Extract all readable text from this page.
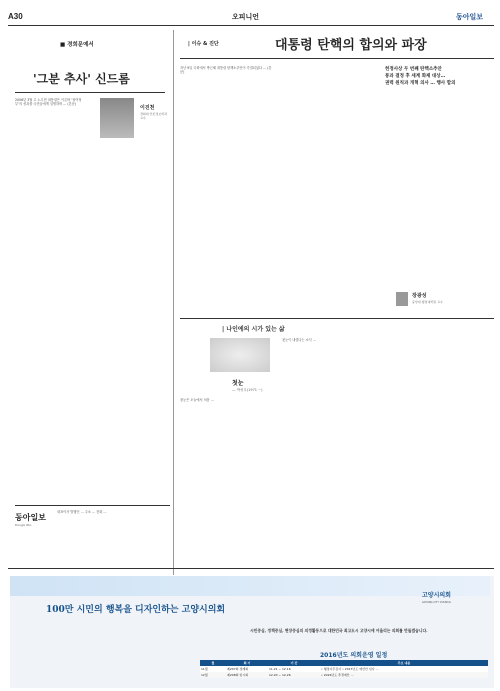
A30	오피니언	동아일보
■ 경희문예서
'그분 추사' 신드롬
2006년 3월 고 노무현 대통령은 이른바 ‘참여정부’의 성과를 국민들에게 설명하며 … (본문)
이진천
경희대 언론정보학과 교수
동아일보
DongA Ilbo
대표이사 발행인 … 주소 … 전화 …
| 이슈 & 진단	대통령 탄핵의 합의와 파장
지난 9일 국회에서 박근혜 대통령 탄핵소추안이 가결되었다 … (본문)
헌정사상 두 번째 탄핵소추안
통과 결정 후 세계 화제 대상…
권력 원칙과 개혁 의사 … 행사 합의
장광성
중앙대 행정대학원 교수
| 나인에의 시가 있는 삶
첫눈
— 박성우(1971 ~)
첫눈은 오늘에서 처음 …
첫눈이 내렸다는 소식 …
100만 시민의 행복을 디자인하는 고양시의회
고양시의회
GOYANG CITY COUNCIL
시민중심, 정책중심, 현장중심의 의정활동으로 대한민국 최고도시 고양시에 어울리는 의회를 만들겠습니다.
2016년도 의회운영 일정
월	회 기	기 간	주요 내용
11월	제207회 정례회	11.21 ~ 12.16	• 행정사무감사 • 2017년도 예산안 심사 …
12월	제208회 임시회	12.20 ~ 12.26	• 2016년도 추경예산 …
